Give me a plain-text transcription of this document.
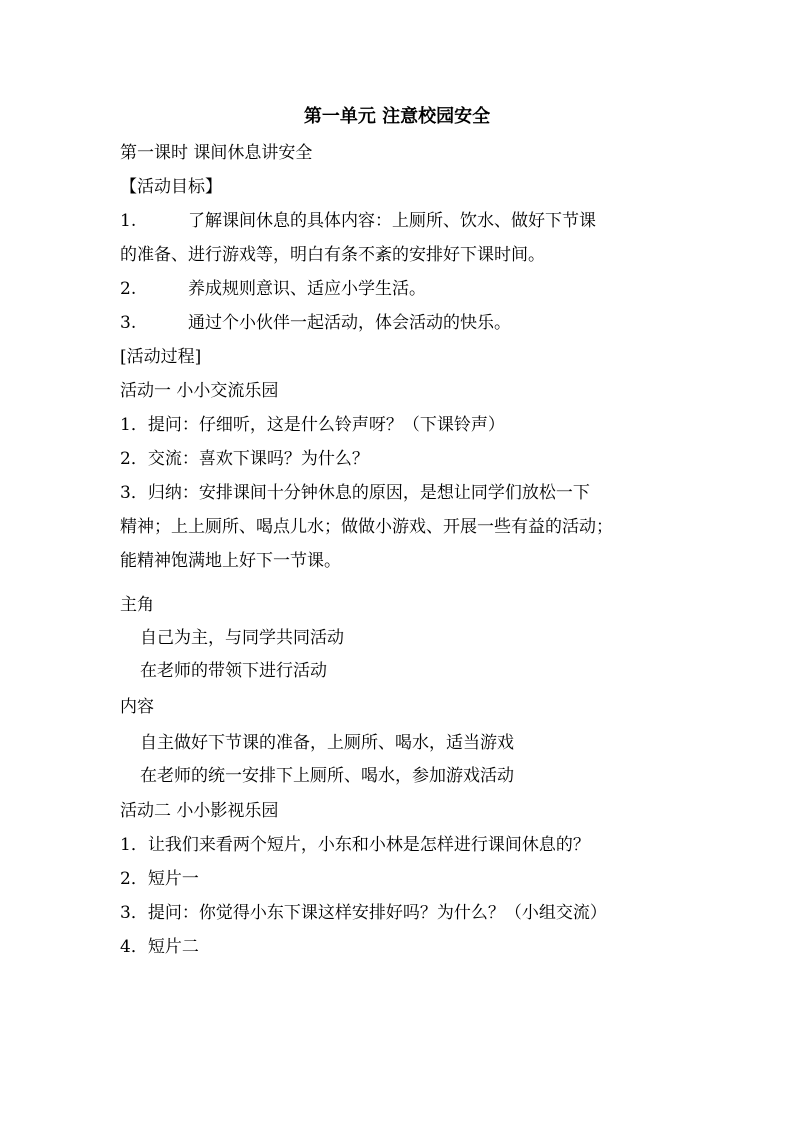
第一单元 注意校园安全
第一课时 课间休息讲安全
【活动目标】
1.	了解课间休息的具体内容：上厕所、饮水、做好下节课
的准备、进行游戏等，明白有条不紊的安排好下课时间。
2.	养成规则意识、适应小学生活。
3.	通过个小伙伴一起活动，体会活动的快乐。
[活动过程]
活动一 小小交流乐园
1．提问：仔细听，这是什么铃声呀？（下课铃声）
2．交流：喜欢下课吗？为什么？
3．归纳：安排课间十分钟休息的原因，是想让同学们放松一下
精神；上上厕所、喝点儿水；做做小游戏、开展一些有益的活动；
能精神饱满地上好下一节课。
主角
自己为主，与同学共同活动
在老师的带领下进行活动
内容
自主做好下节课的准备，上厕所、喝水，适当游戏
在老师的统一安排下上厕所、喝水，参加游戏活动
活动二 小小影视乐园
1．让我们来看两个短片，小东和小林是怎样进行课间休息的？
2．短片一
3．提问：你觉得小东下课这样安排好吗？为什么？（小组交流）
4．短片二
